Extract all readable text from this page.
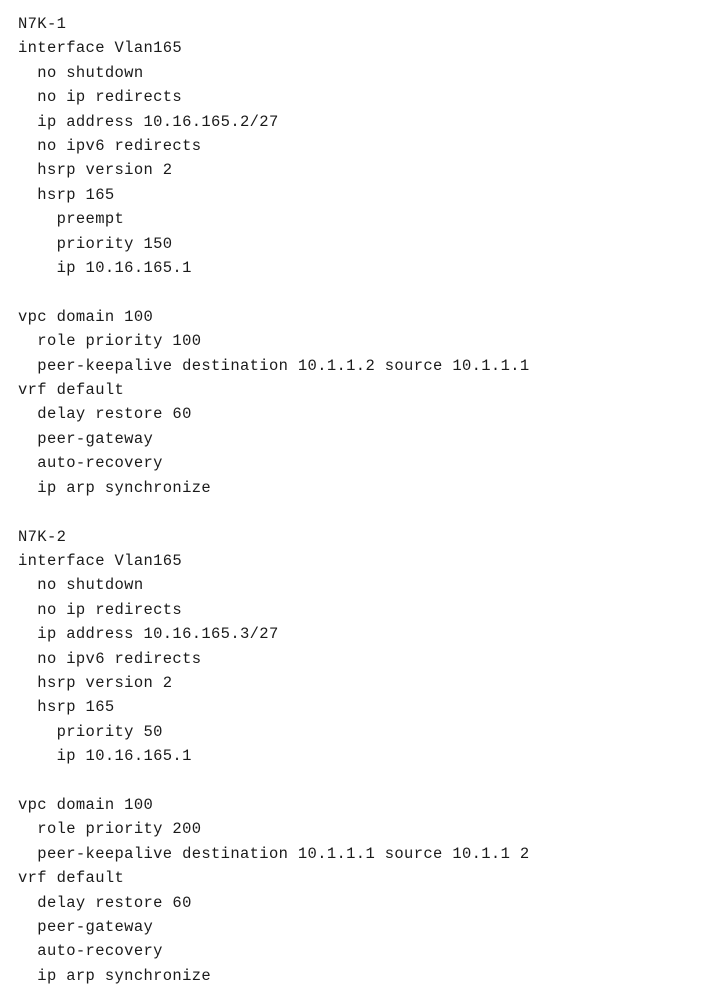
N7K-1
interface Vlan165
no shutdown
no ip redirects
ip address 10.16.165.2/27
no ipv6 redirects
hsrp version 2
hsrp 165
preempt
priority 150
ip 10.16.165.1
vpc domain 100
role priority 100
peer-keepalive destination 10.1.1.2 source 10.1.1.1
vrf default
delay restore 60
peer-gateway
auto-recovery
ip arp synchronize
N7K-2
interface Vlan165
no shutdown
no ip redirects
ip address 10.16.165.3/27
no ipv6 redirects
hsrp version 2
hsrp 165
priority 50
ip 10.16.165.1
vpc domain 100
role priority 200
peer-keepalive destination 10.1.1.1 source 10.1.1 2
vrf default
delay restore 60
peer-gateway
auto-recovery
ip arp synchronize
